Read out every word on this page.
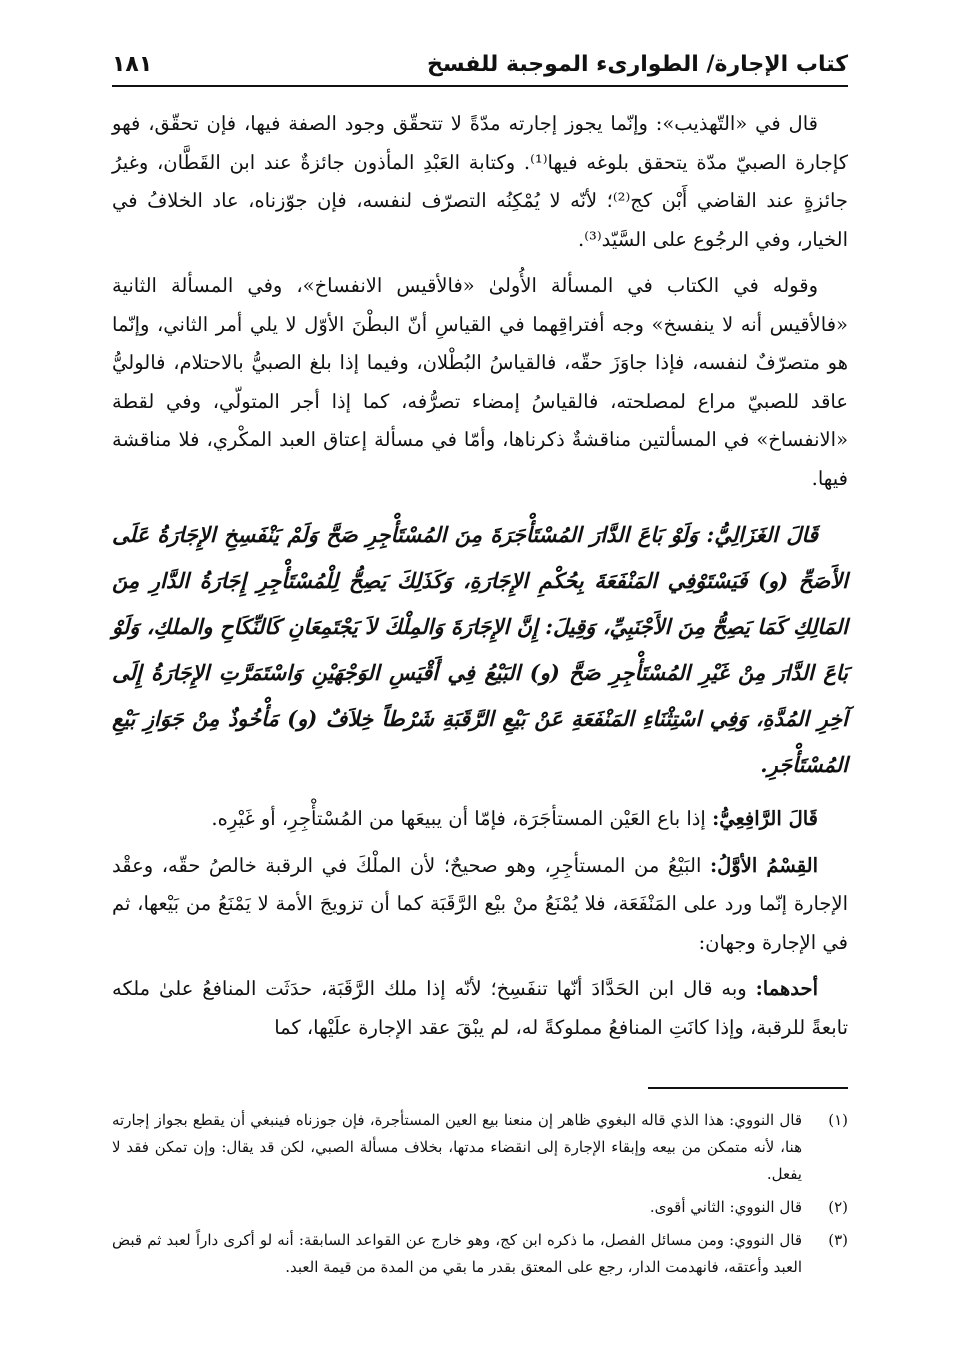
كتاب الإجارة/ الطوارىء الموجبة للفسخ
١٨١

قال في «التّهذيب»: وإنّما يجوز إجارته مدّةً لا تتحقّق وجود الصفة فيها، فإن تحقّق، فهو كإجارة الصبيّ مدّة يتحقق بلوغه فيها⁽¹⁾. وكتابة العَبْدِ المأذون جائزةٌ عند ابن القَطَّان، وغيرُ جائزةٍ عند القاضي أَبْن كج⁽²⁾؛ لأنّه لا يُمْكِنُه التصرّف لنفسه، فإن جوّزناه، عاد الخلافُ في الخيار، وفي الرجُوع على السَّيّد⁽³⁾.

وقوله في الكتاب في المسألة الأُولىٰ «فالأقيس الانفساخ»، وفي المسألة الثانية «فالأقيس أنه لا ينفسخ» وجه أفتراقِهما في القياسِ أنّ البطْنَ الأوّل لا يلي أمر الثاني، وإنّما هو متصرّفٌ لنفسه، فإذا جاوَزَ حقّه، فالقياسُ البُطْلان، وفيما إذا بلغ الصبيُّ بالاحتلام، فالوليُّ عاقد للصبيّ مراع لمصلحته، فالقياسُ إمضاء تصرُّفه، كما إذا أجر المتولّي، وفي لقطة «الانفساخ» في المسألتين مناقشةٌ ذكرناها، وأمّا في مسألة إعتاق العبد المكْري، فلا مناقشة فيها.

قَالَ الغَزَالِيُّ: وَلَوْ بَاعَ الدَّارَ المُسْتَأْجَرَةَ مِنَ المُسْتَأْجِرِ صَحَّ وَلَمْ يَنْفَسِخِ الإِجَارَةُ عَلَى الأَصَحِّ (و) فَيَسْتَوْفِي المَنْفَعَةَ بِحُكْمِ الإِجَارَةِ، وَكَذَلِكَ يَصِحُّ لِلْمُسْتَأْجِرِ إِجَارَةُ الدَّارِ مِنَ المَالِكِ كَمَا يَصِحُّ مِنَ الأَجْنَبِيِّ، وَقِيلَ: إِنَّ الإِجَارَةَ وَالمِلْكَ لاَ يَجْتَمِعَانِ كَالنِّكَاحِ والملكِ، وَلَوْ بَاعَ الدَّارَ مِنْ غَيْرِ المُسْتَأْجِرِ صَحَّ (و) البَيْعُ فِي أَقْيَسِ الوَجْهَيْنِ وَاسْتَمَرَّتِ الإِجَارَةُ إِلَى آخِرِ المُدَّةِ، وَفِي اسْتِثْنَاءِ المَنْفَعَةِ عَنْ بَيْعِ الرَّقَبَةِ شَرْطاً خِلاَفٌ (و) مَأْخُوذٌ مِنْ جَوَازِ بَيْعِ المُسْتَأْجَرِ.

قَالَ الرَّافِعِيُّ: إذا باع العَيْن المستأجَرَة، فإمّا أن يبيعَها من المُسْتأْجِرِ، أو غَيْرِه.

القِسْمُ الأوَّلُ: البَيْعُ من المستأجِرِ، وهو صحيحٌ؛ لأن الملْكَ في الرقبة خالصُ حقّه، وعقْد الإجارة إنّما ورد على المَنْفَعَة، فلا يُمْنَعُ منْ بيْع الرَّقَبَة كما أن تزويجَ الأمة لا يَمْنَعُ من بَيْعها، ثم في الإجارة وجهان:

أحدهما: وبه قال ابن الحَدَّادَ أنّها تنفَسِخ؛ لأنّه إذا ملك الرَّقَبَة، حدَثَت المنافعُ علىٰ ملكه تابعةً للرقبة، وإذا كانَتِ المنافعُ مملوكةً له، لم يبْقَ عقد الإجارة علَيْها، كما

(١)
قال النووي: هذا الذي قاله البغوي ظاهر إن منعنا بيع العين المستأجرة، فإن جوزناه فينبغي أن يقطع بجواز إجارته هنا، لأنه متمكن من بيعه وإبقاء الإجارة إلى انقضاء مدتها، بخلاف مسألة الصبي، لكن قد يقال: وإن تمكن فقد لا يفعل.
(٢)
قال النووي: الثاني أقوى.
(٣)
قال النووي: ومن مسائل الفصل، ما ذكره ابن كج، وهو خارج عن القواعد السابقة: أنه لو أكرى داراً لعبد ثم قبض العبد وأعتقه، فانهدمت الدار، رجع على المعتق بقدر ما بقي من المدة من قيمة العبد.
